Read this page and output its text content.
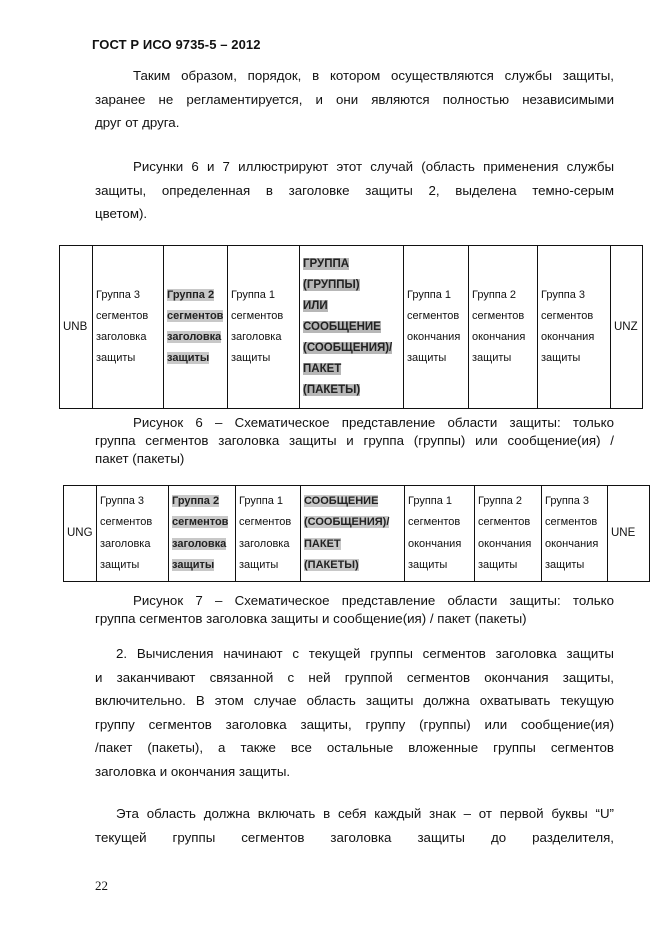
ГОСТ Р ИСО 9735-5 – 2012
Таким образом, порядок, в котором осуществляются службы защиты,
заранее не регламентируется, и они являются полностью независимыми
друг от друга.
Рисунки 6 и 7 иллюстрируют этот случай (область применения службы
защиты, определенная в заголовке защиты 2, выделена темно-серым
цветом).
UNB

Группа 3
сегментов
заголовка
защиты

Группа 2
сегментов
заголовка
защиты

Группа 1
сегментов
заголовка
защиты

ГРУППА
(ГРУППЫ)
ИЛИ
СООБЩЕНИЕ
(СООБЩЕНИЯ)/
ПАКЕТ
(ПАКЕТЫ)

Группа 1
сегментов
окончания
защиты

Группа 2
сегментов
окончания
защиты

Группа 3
сегментов
окончания
защиты

UNZ
Рисунок 6 – Схематическое представление области защиты: только
группа сегментов заголовка защиты и группа (группы) или сообщение(ия) /
пакет (пакеты)
UNG

Группа 3
сегментов
заголовка
защиты

Группа 2
сегментов
заголовка
защиты

Группа 1
сегментов
заголовка
защиты

СООБЩЕНИЕ
(СООБЩЕНИЯ)/
ПАКЕТ
(ПАКЕТЫ)

Группа 1
сегментов
окончания
защиты

Группа 2
сегментов
окончания
защиты

Группа 3
сегментов
окончания
защиты

UNE
Рисунок 7 – Схематическое представление области защиты: только
группа сегментов заголовка защиты и сообщение(ия) / пакет (пакеты)
2. Вычисления начинают с текущей группы сегментов заголовка защиты
и заканчивают связанной с ней группой сегментов окончания защиты,
включительно. В этом случае область защиты должна охватывать текущую
группу сегментов заголовка защиты, группу (группы) или сообщение(ия)
/пакет (пакеты), а также все остальные вложенные группы сегментов
заголовка и окончания защиты.
Эта область должна включать в себя каждый знак – от первой буквы “U”
текущей группы сегментов заголовка защиты до разделителя,
22
